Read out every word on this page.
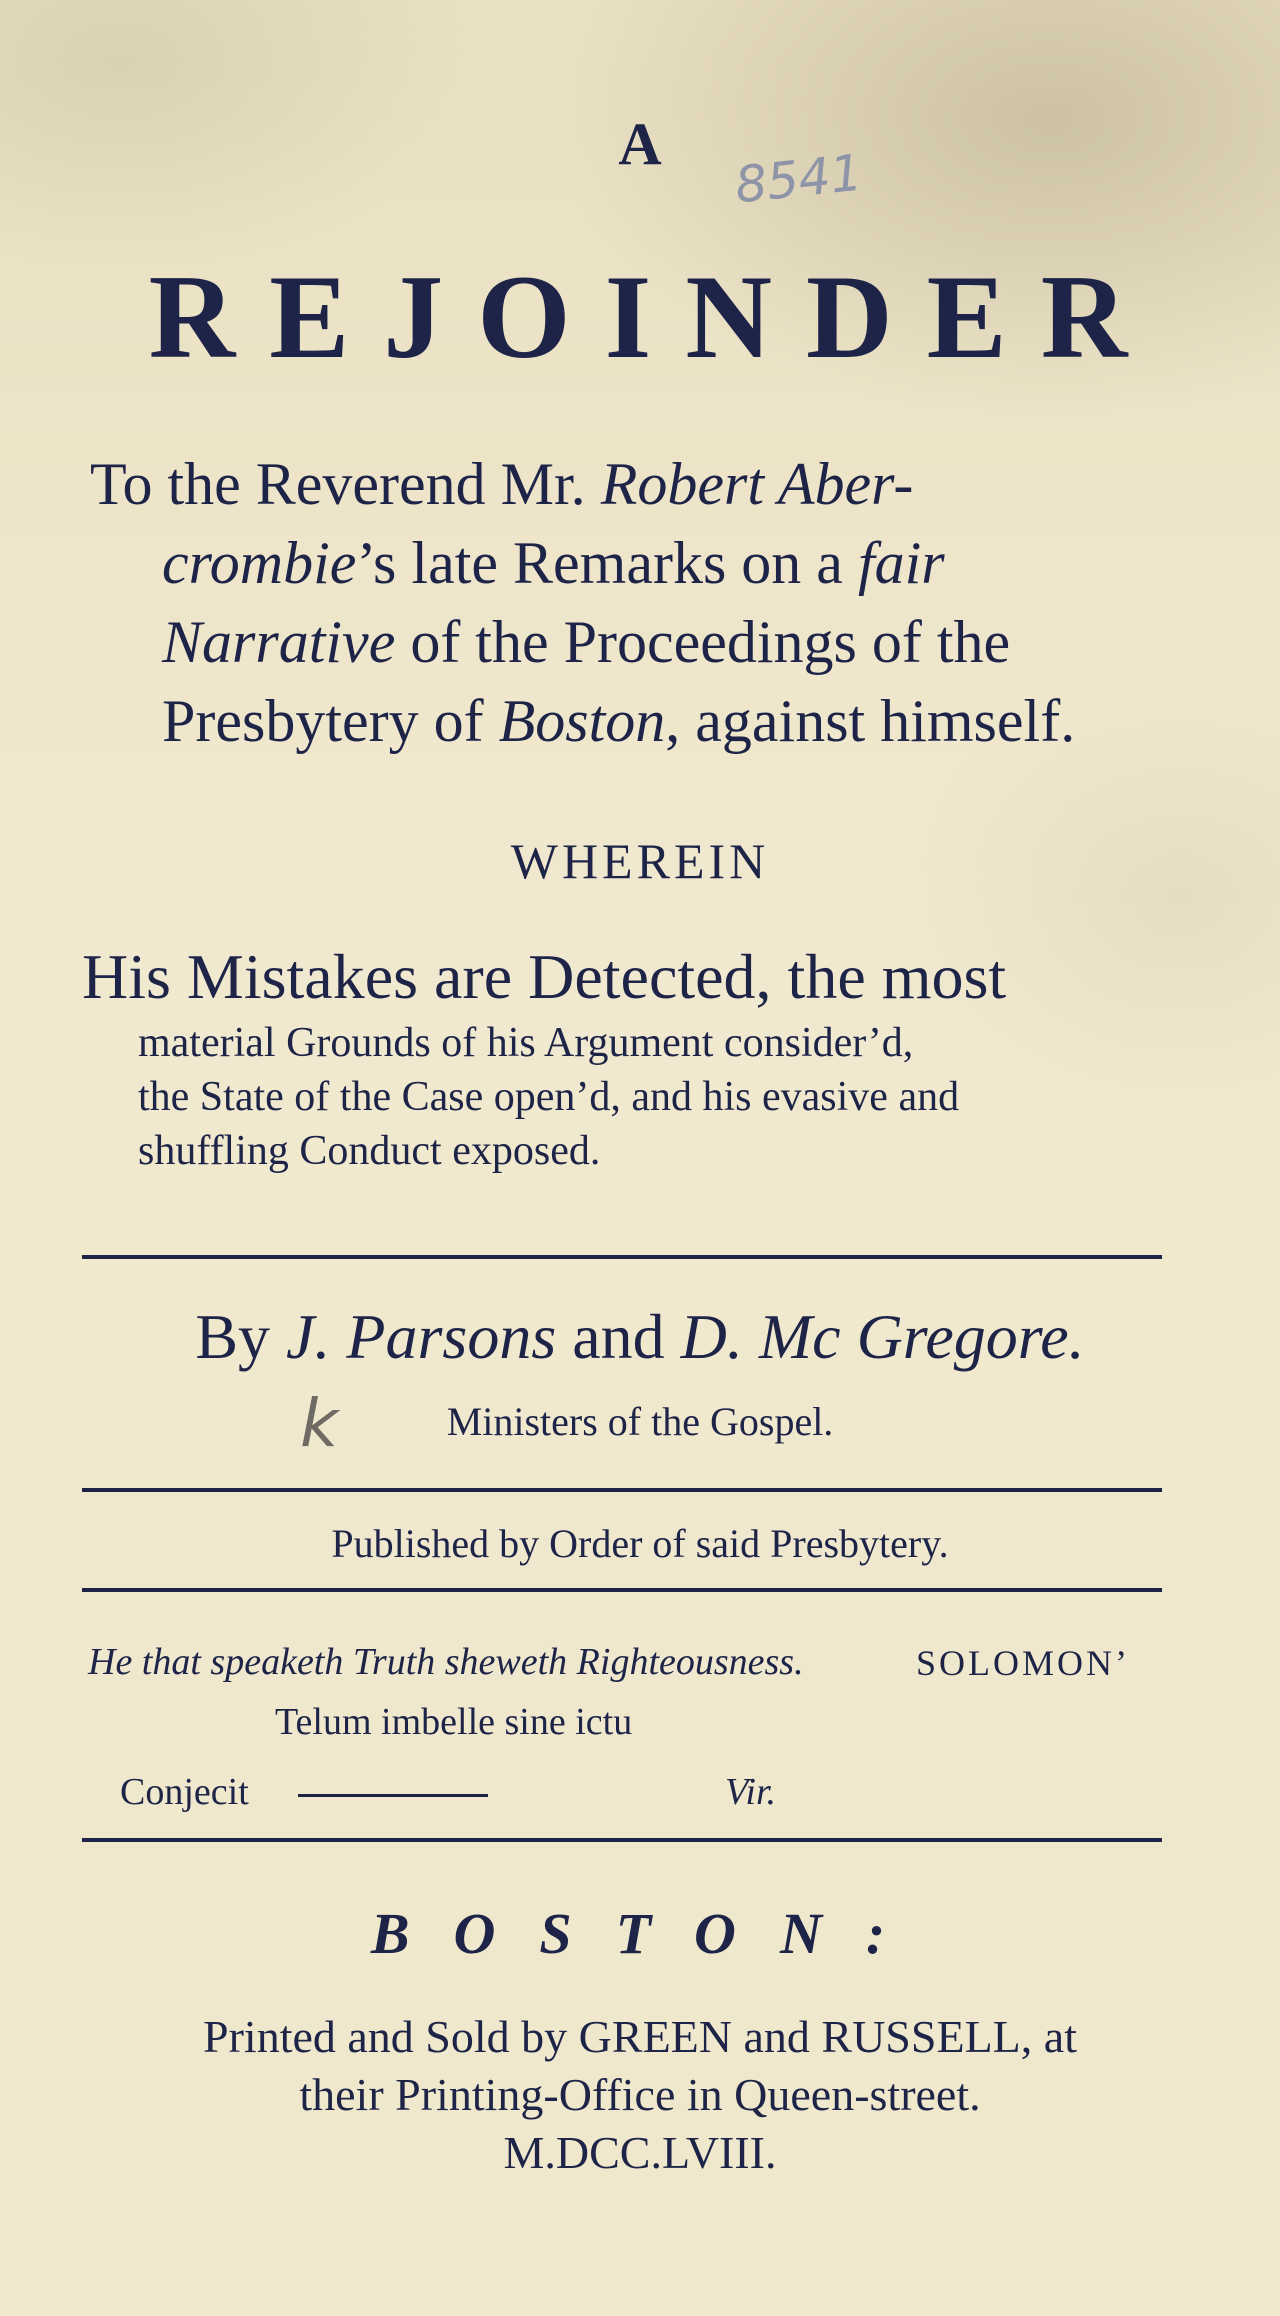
A	8541
REJOINDER
To the Reverend Mr. Robert Aber-
crombie’s late Remarks on a fair
Narrative of the Proceedings of the
Presbytery of Boston, against himself.
WHEREIN
His Mistakes are Detected, the most
material Grounds of his Argument consider’d,
the State of the Case open’d, and his evasive and
shuffling Conduct exposed.
By J. Parsons and D. Mc Gregore.
k	Ministers of the Gospel.
Published by Order of said Presbytery.
He that speaketh Truth sheweth Righteousness.	SOLOMON’
Telum imbelle sine ictu
Conjecit	Vir.
BOSTON:
Printed and Sold by GREEN and RUSSELL, at
their Printing-Office in Queen-street.
M.DCC.LVIII.
